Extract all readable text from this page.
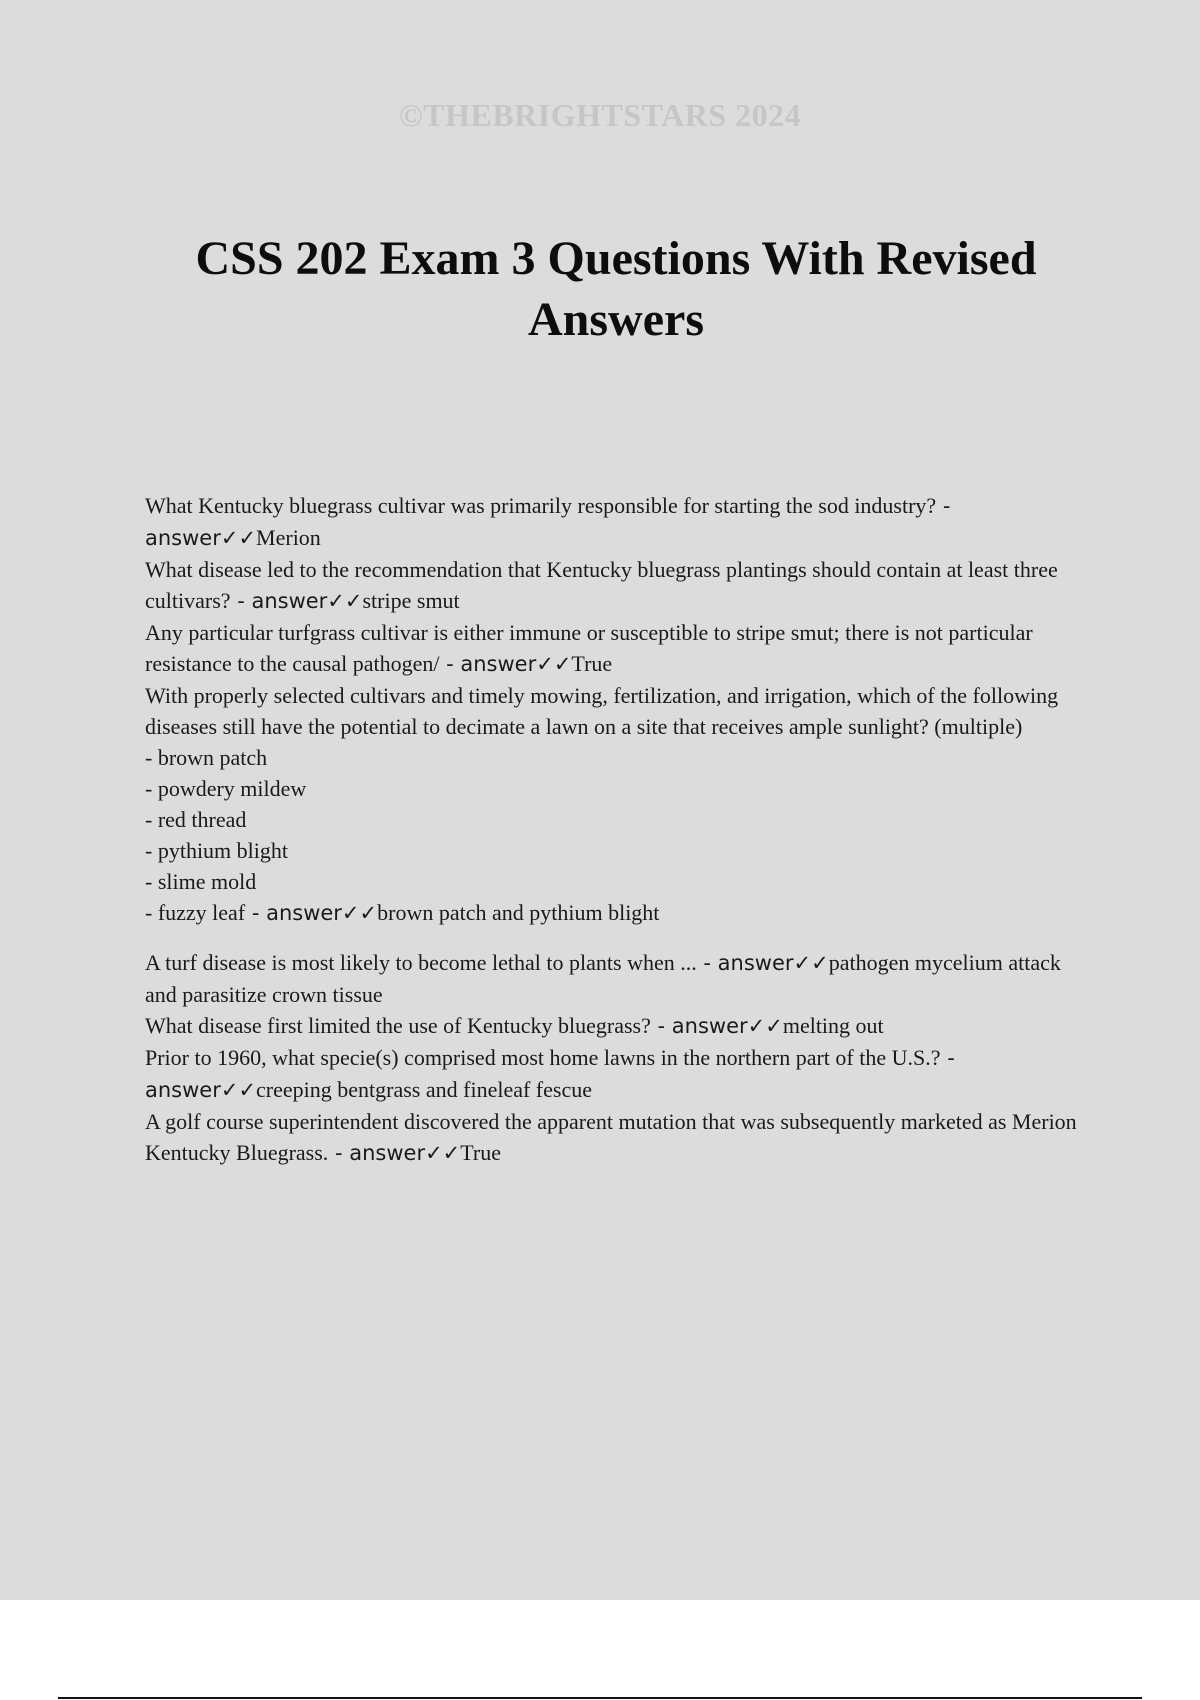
©THEBRIGHTSTARS 2024
CSS 202 Exam 3 Questions With Revised Answers

What Kentucky bluegrass cultivar was primarily responsible for starting the sod industry? - answer✓✓Merion

What disease led to the recommendation that Kentucky bluegrass plantings should contain at least three cultivars? - answer✓✓stripe smut

Any particular turfgrass cultivar is either immune or susceptible to stripe smut; there is not particular resistance to the causal pathogen/ - answer✓✓True

With properly selected cultivars and timely mowing, fertilization, and irrigation, which of the following diseases still have the potential to decimate a lawn on a site that receives ample sunlight? (multiple)

- brown patch

- powdery mildew

- red thread

- pythium blight

- slime mold

- fuzzy leaf - answer✓✓brown patch and pythium blight

A turf disease is most likely to become lethal to plants when ... - answer✓✓pathogen mycelium attack and parasitize crown tissue

What disease first limited the use of Kentucky bluegrass? - answer✓✓melting out

Prior to 1960, what specie(s) comprised most home lawns in the northern part of the U.S.? - answer✓✓creeping bentgrass and fineleaf fescue

A golf course superintendent discovered the apparent mutation that was subsequently marketed as Merion Kentucky Bluegrass. - answer✓✓True
